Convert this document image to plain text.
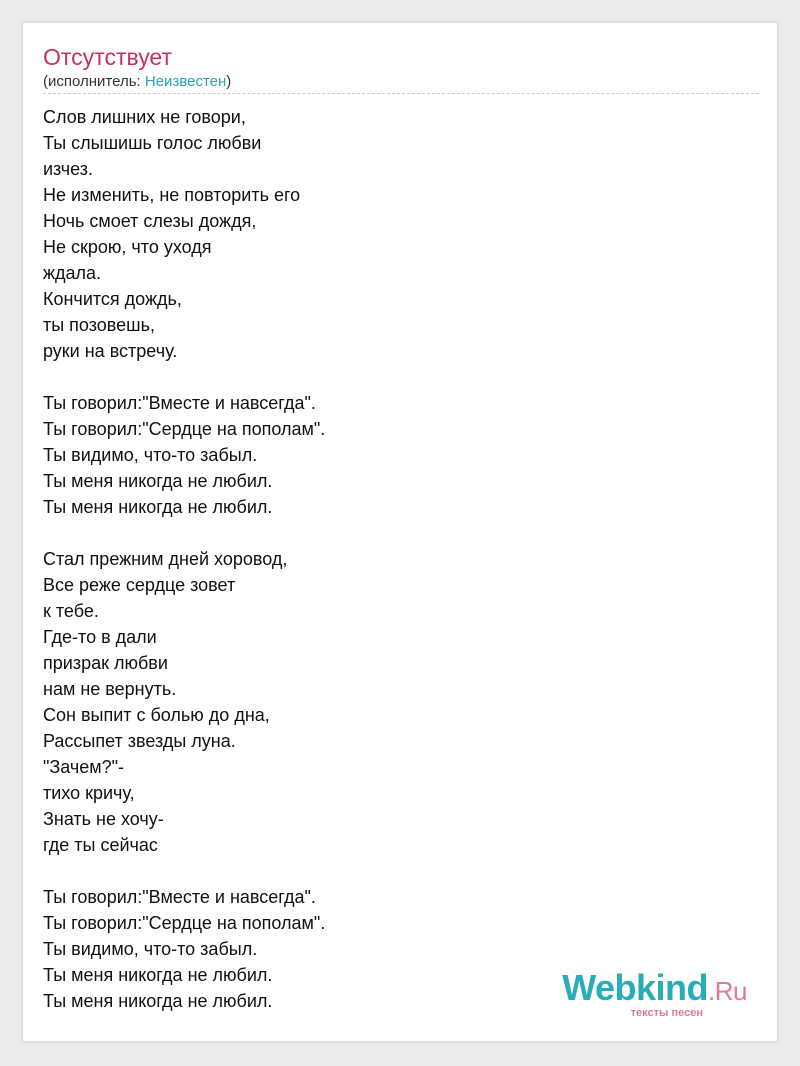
Отсутствует
(исполнитель: Неизвестен)
Слов лишних не говори,
Ты слышишь голос любви
изчез.
Не изменить, не повторить его
Ночь смоет слезы дождя,
Не скрою, что уходя
ждала.
Кончится дождь,
ты позовешь,
руки на встречу.
Ты говорил:"Вместе и навсегда".
Ты говорил:"Сердце на пополам".
Ты видимо, что-то забыл.
Ты меня никогда не любил.
Ты меня никогда не любил.
Стал прежним дней хоровод,
Все реже сердце зовет
к тебе.
Где-то в дали
призрак любви
нам не вернуть.
Сон выпит с болью до дна,
Рассыпет звезды луна.
"Зачем?"-
тихо кричу,
Знать не хочу-
где ты сейчас
Ты говорил:"Вместе и навсегда".
Ты говорил:"Сердце на пополам".
Ты видимо, что-то забыл.
Ты меня никогда не любил.
Ты меня никогда не любил.	Webkind.Ru
тексты песен
